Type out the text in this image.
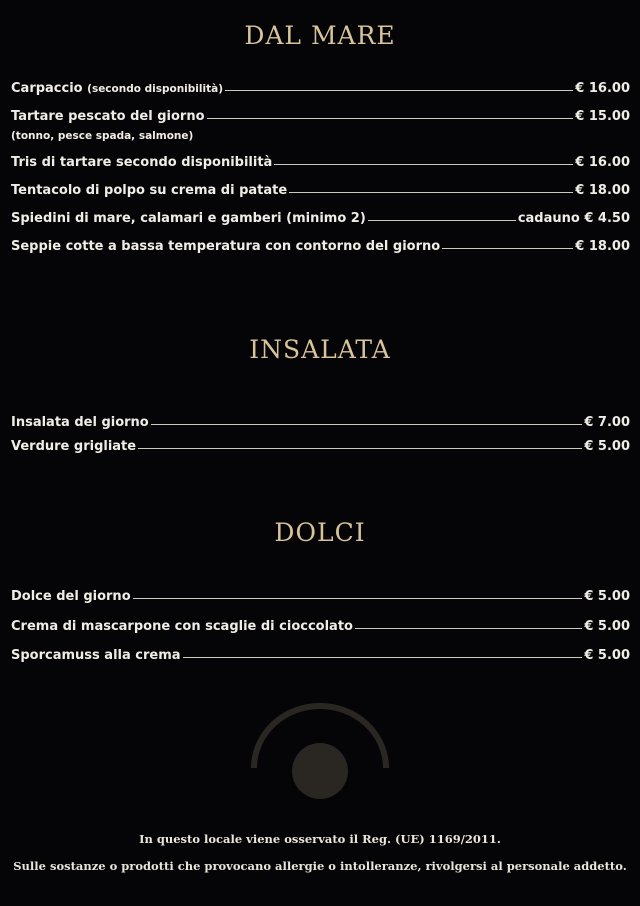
DAL MARE
Carpaccio (secondo disponibilità)	€ 16.00
Tartare pescato del giorno	€ 15.00
(tonno, pesce spada, salmone)
Tris di tartare secondo disponibilità	€ 16.00
Tentacolo di polpo su crema di patate	€ 18.00
Spiedini di mare, calamari e gamberi (minimo 2)	cadauno € 4.50
Seppie cotte a bassa temperatura con contorno del giorno	€ 18.00
INSALATA
Insalata del giorno	€ 7.00
Verdure grigliate	€ 5.00
DOLCI
Dolce del giorno	€ 5.00
Crema di mascarpone con scaglie di cioccolato	€ 5.00
Sporcamuss alla crema	€ 5.00
In questo locale viene osservato il Reg. (UE) 1169/2011.
Sulle sostanze o prodotti che provocano allergie o intolleranze, rivolgersi al personale addetto.
